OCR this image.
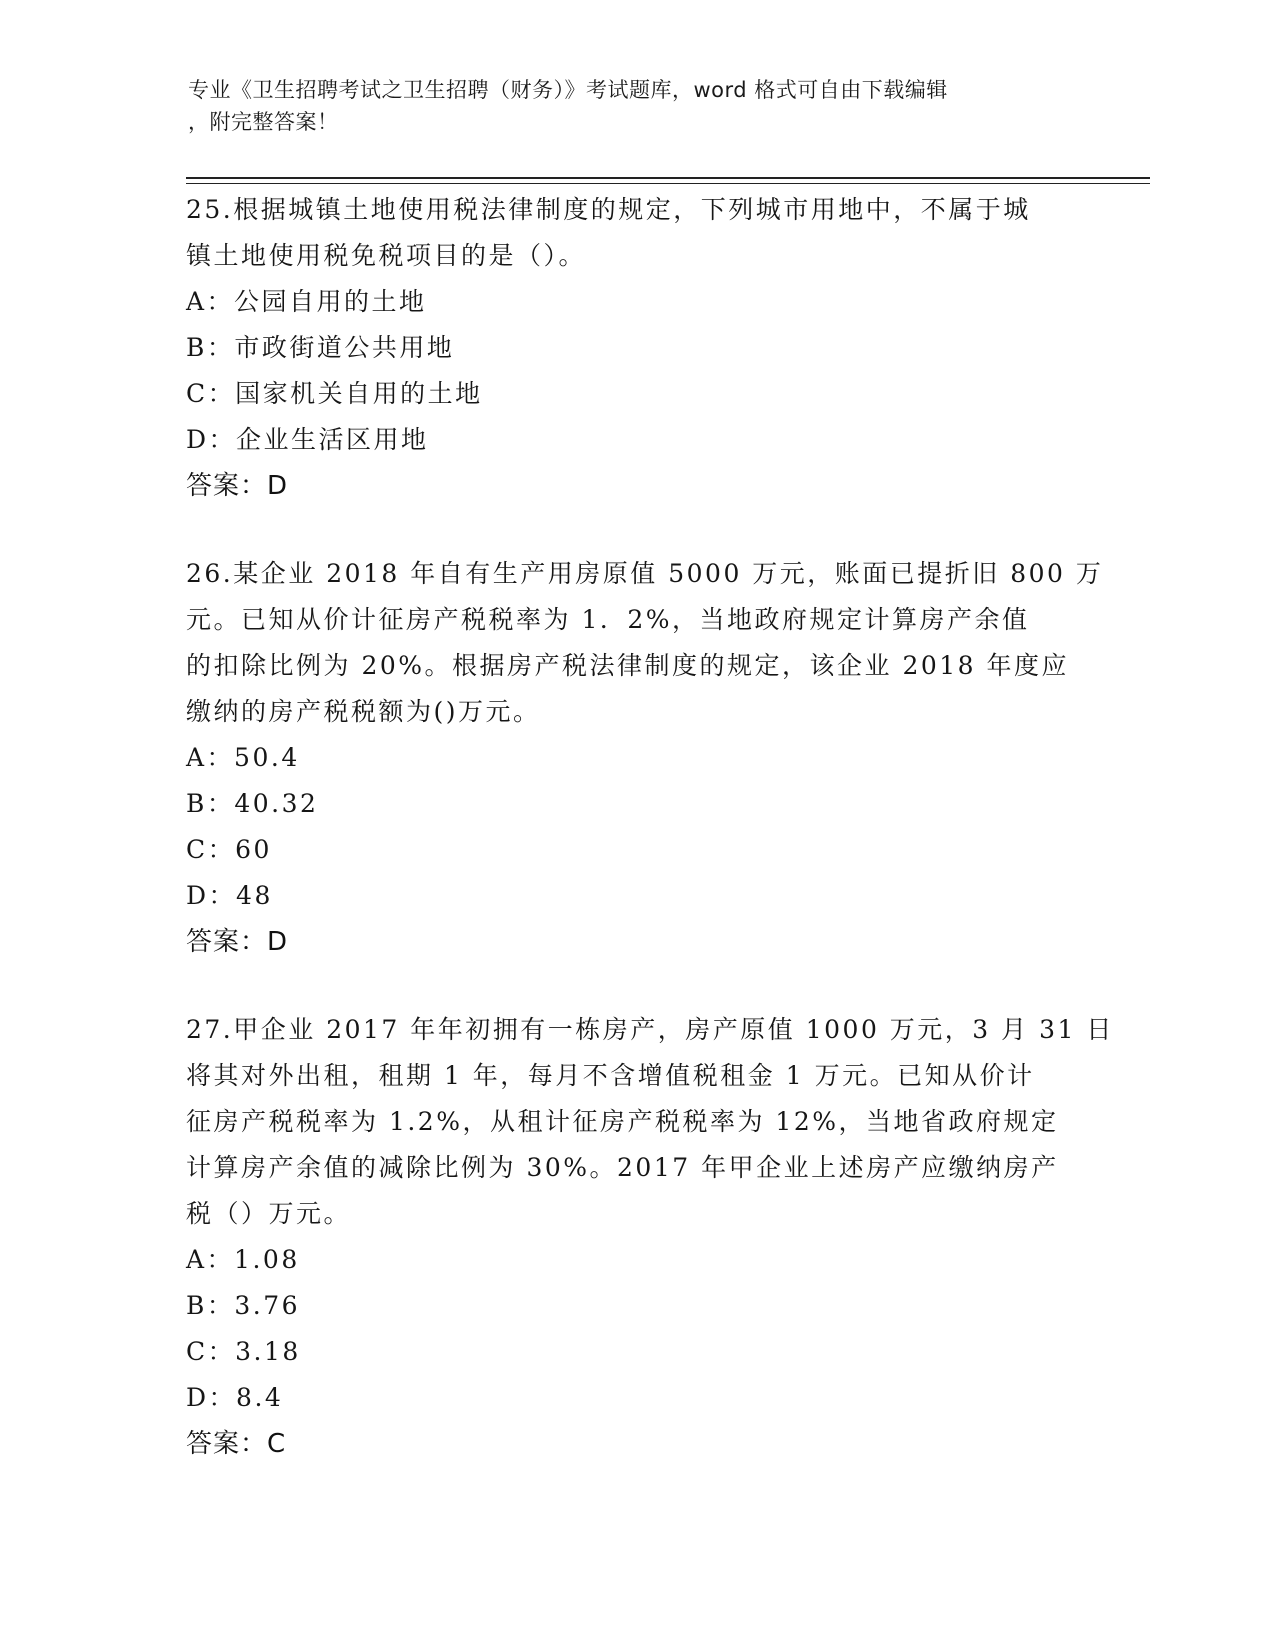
专业《卫生招聘考试之卫生招聘（财务）》考试题库，word 格式可自由下载编辑
，附完整答案！
25.根据城镇土地使用税法律制度的规定，下列城市用地中，不属于城
镇土地使用税免税项目的是（）。
A：公园自用的土地
B：市政街道公共用地
C：国家机关自用的土地
D：企业生活区用地
答案：D
26.某企业 2018 年自有生产用房原值 5000 万元，账面已提折旧 800 万
元。已知从价计征房产税税率为 1．2%，当地政府规定计算房产余值
的扣除比例为 20%。根据房产税法律制度的规定，该企业 2018 年度应
缴纳的房产税税额为()万元。
A：50.4
B：40.32
C：60
D：48
答案：D
27.甲企业 2017 年年初拥有一栋房产，房产原值 1000 万元，3 月 31 日
将其对外出租，租期 1 年，每月不含增值税租金 1 万元。已知从价计
征房产税税率为 1.2%，从租计征房产税税率为 12%，当地省政府规定
计算房产余值的减除比例为 30%。2017 年甲企业上述房产应缴纳房产
税（）万元。
A：1.08
B：3.76
C：3.18
D：8.4
答案：C
